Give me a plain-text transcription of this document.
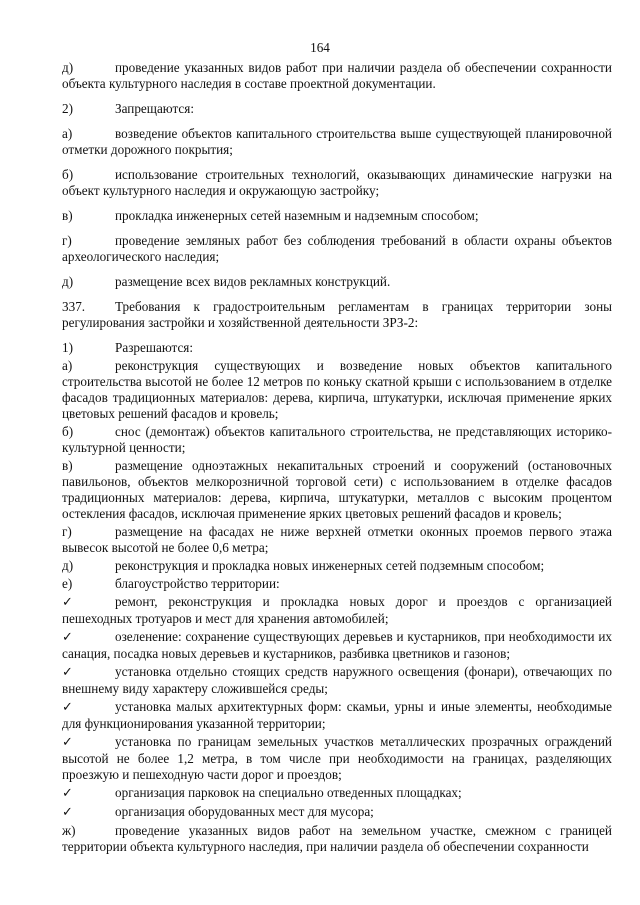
164

д)	проведение указанных видов работ при наличии раздела об обеспечении сохранности объекта культурного наследия в составе проектной документации.

2)	Запрещаются:

а)	возведение объектов капитального строительства выше существующей планировочной отметки дорожного покрытия;

б)	использование строительных технологий, оказывающих динамические нагрузки на объект культурного наследия и окружающую застройку;

в)	прокладка инженерных сетей наземным и надземным способом;

г)	проведение земляных работ без соблюдения требований в области охраны объектов археологического наследия;

д)	размещение всех видов рекламных конструкций.

337. Требования к градостроительным регламентам в границах территории зоны регулирования застройки и хозяйственной деятельности ЗРЗ-2:

1)	Разрешаются:

а)	реконструкция существующих и возведение новых объектов капитального строительства высотой не более 12 метров по коньку скатной крыши с использованием в отделке фасадов традиционных материалов: дерева, кирпича, штукатурки, исключая применение ярких цветовых решений фасадов и кровель;

б)	снос (демонтаж) объектов капитального строительства, не представляющих историко-культурной ценности;

в)	размещение одноэтажных некапитальных строений и сооружений (остановочных павильонов, объектов мелкорозничной торговой сети) с использованием в отделке фасадов традиционных материалов: дерева, кирпича, штукатурки, металлов с высоким процентом остекления фасадов, исключая применение ярких цветовых решений фасадов и кровель;

г)	размещение на фасадах не ниже верхней отметки оконных проемов первого этажа вывесок высотой не более 0,6 метра;

д)	реконструкция и прокладка новых инженерных сетей подземным способом;

е)	благоустройство территории:

✓ремонт, реконструкция и прокладка новых дорог и проездов с организацией пешеходных тротуаров и мест для хранения автомобилей;

✓озеленение: сохранение существующих деревьев и кустарников, при необходимости их санация, посадка новых деревьев и кустарников, разбивка цветников и газонов;

✓установка отдельно стоящих средств наружного освещения (фонари), отвечающих по внешнему виду характеру сложившейся среды;

✓установка малых архитектурных форм: скамьи, урны и иные элементы, необходимые для функционирования указанной территории;

✓установка по границам земельных участков металлических прозрачных ограждений высотой не более 1,2 метра, в том числе при необходимости на границах, разделяющих проезжую и пешеходную части дорог и проездов;

✓организация парковок на специально отведенных площадках;

✓организация оборудованных мест для мусора;

ж)	проведение указанных видов работ на земельном участке, смежном с границей территории объекта культурного наследия, при наличии раздела об обеспечении сохранности
